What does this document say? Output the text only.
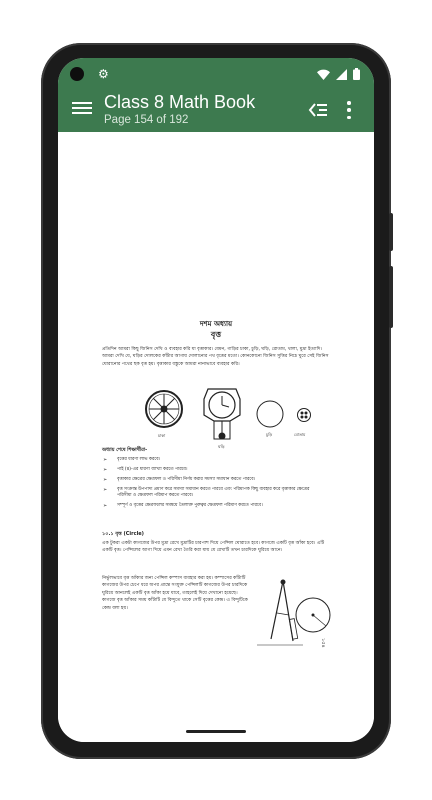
⚙
Class 8 Math Book
Page 154 of 192
দশম অধ্যায়
বৃত্ত
প্রতিদিন আমরা কিছু জিনিস দেখি ও ব্যবহার করি যা বৃত্তাকার। যেমন, গাড়ির চাকা, চুড়ি, ঘড়ি, রোতাম, থালা, মুদ্রা ইত্যাদি। আমরা দেখি যে, ঘড়ির দোলকের কাঁটার আগায় দোলানোর পথ বৃত্তের মতো। কোনকোনো জিনিস সুত্তির নিচে ঘুরে সেই জিনিস ঘোরানোর পথের ছক বৃত্ত হয়। বৃত্তাকার বস্তুকে আমরা নানাভাবে ব্যবহার করি।
চাকা
ঘড়ি
চুড়ি	বোতাম
অধ্যায় শেষে শিক্ষার্থীরা-
➢ বৃত্তের ধারণা লাভ করবে।
➢ পাই (π)-এর ধারণা ব্যাখ্যা করতে পারবে।
➢ বৃত্তাকার ক্ষেত্রের ক্ষেত্রফল ও পরিসীমা নির্ণয় করার সমস্যা সমাধান করতে পারবে।
➢ বৃত্ত সংক্রান্ত উপপাদ্য প্রমাণ করে সমস্যা সমাধান করতে পারবে এবং পরিমাপক কিছু ব্যবহার করে বৃত্তাকার ক্ষেত্রের পরিসীমা ও ক্ষেত্রফল পরিমাপ করতে পারবে।
➢ সম্পূর্ণ ও বৃত্তের ক্ষেত্রফলের সমন্বয়ে তৈলাক্ত পুরুত্বর ক্ষেত্রফল পরিমাণ করতে পারবে।
১০.১ বৃত্ত (Circle)
এক টুকরা একটা কাগজের উপর মুদ্রা রেখে মুদ্রাটির চারপাশ দিয়ে পেন্সিল ঘোরাতে হবে। কাগজে একটি বৃত্ত আঁকা হবে। এটি একটি বৃত্ত। পেন্সিলের আগা দিয়ে এমন রেখা তৈরি করা যায় যে রেখাটি তখন চারদিকে ঘুরিয়ে আনে।
নির্ভুলভাবে বৃত্ত আঁকার জন্য পেন্সিল কম্পাস ব্যবহার করা হয়। কম্পাসের কাঁটাটি কাগজের উপর চেপে ধরে অপর প্রান্তে সংযুক্ত পেন্সিলটি কাগজের উপর চারদিকে ঘুরিয়ে আনলেই একটি বৃত্ত আঁকা হয়ে যাবে, তাহলেই দিয়ে দেখানো হয়েছে। কাগজে বৃত্ত আঁকার সময় কাঁটাটি যে বিন্দুতে থাকে সেটি বৃত্তের কেন্দ্র। এ বিন্দুটিকে কেন্দ্র বলা হয়।
১৫৪
